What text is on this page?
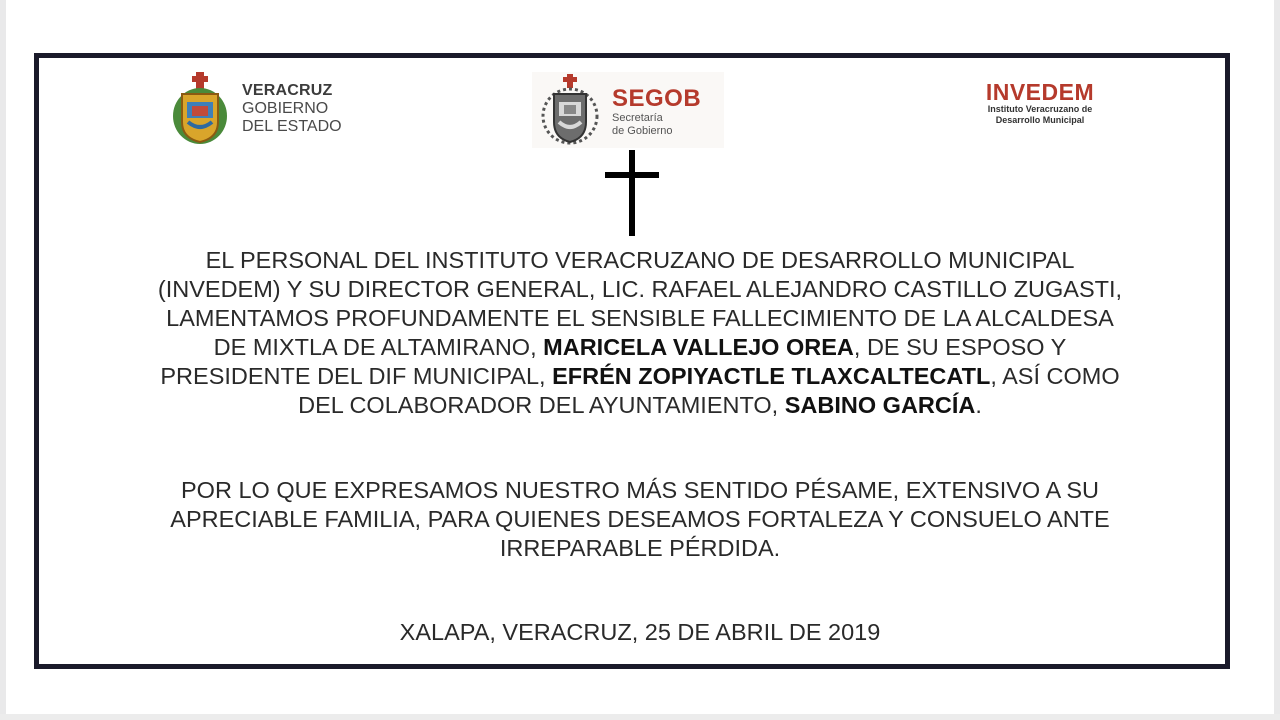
VERACRUZ
GOBIERNO
DEL ESTADO
SEGOB
Secretaría
de Gobierno
INVEDEM
Instituto Veracruzano de
Desarrollo Municipal
EL PERSONAL DEL INSTITUTO VERACRUZANO DE DESARROLLO MUNICIPAL (INVEDEM) Y SU DIRECTOR GENERAL, LIC. RAFAEL ALEJANDRO CASTILLO ZUGASTI, LAMENTAMOS PROFUNDAMENTE EL SENSIBLE FALLECIMIENTO DE LA ALCALDESA DE MIXTLA DE ALTAMIRANO, MARICELA VALLEJO OREA, DE SU ESPOSO Y PRESIDENTE DEL DIF MUNICIPAL, EFRÉN ZOPIYACTLE TLAXCALTECATL, ASÍ COMO DEL COLABORADOR DEL AYUNTAMIENTO, SABINO GARCÍA.
POR LO QUE EXPRESAMOS NUESTRO MÁS SENTIDO PÉSAME, EXTENSIVO A SU APRECIABLE FAMILIA, PARA QUIENES DESEAMOS FORTALEZA Y CONSUELO ANTE IRREPARABLE PÉRDIDA.
XALAPA, VERACRUZ, 25 DE ABRIL DE 2019
